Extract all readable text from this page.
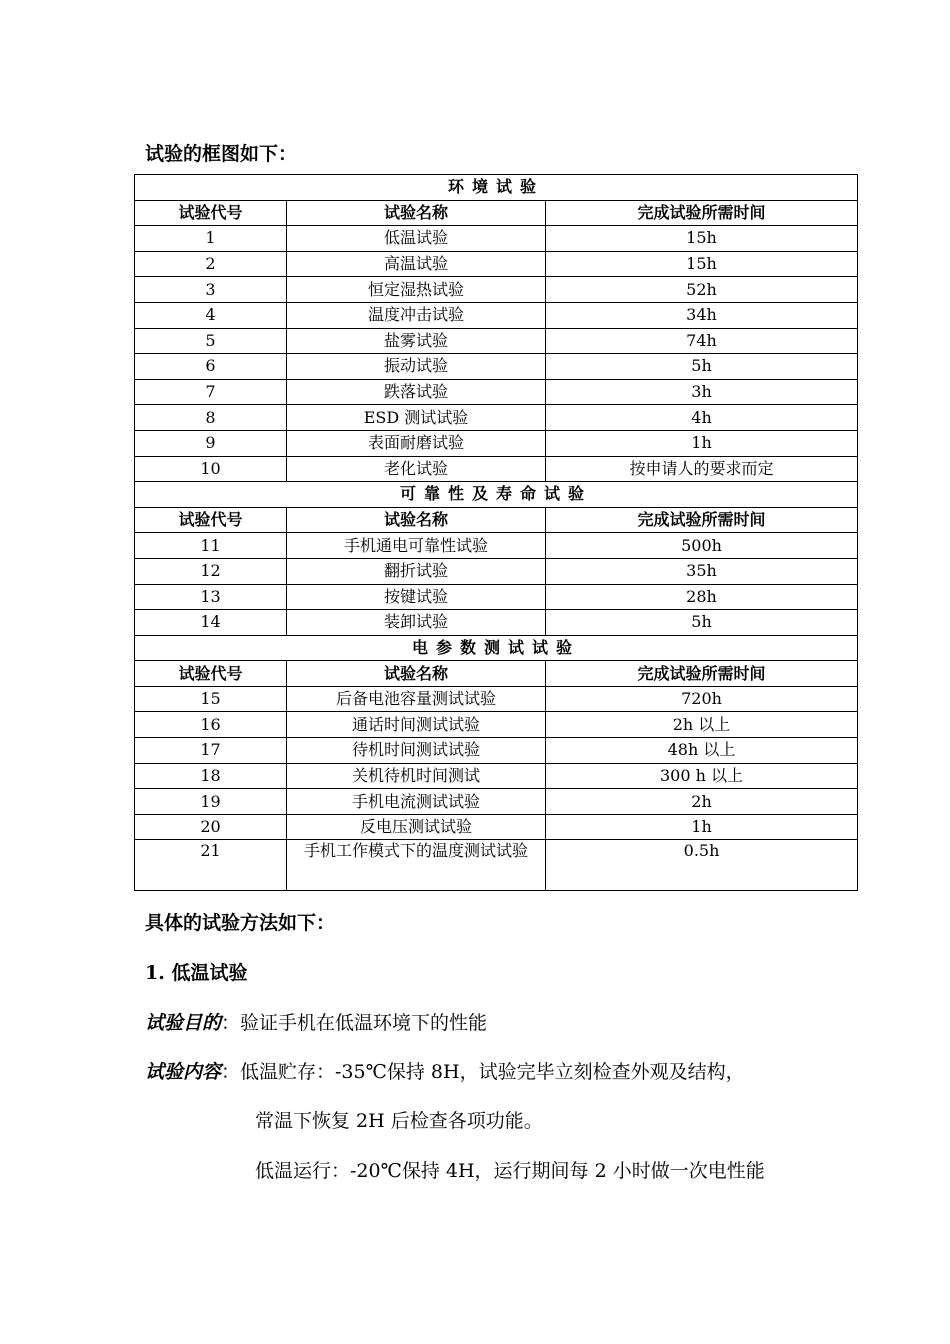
试验的框图如下：
环境试验		
试验代号	试验名称	完成试验所需时间
1	低温试验	15h
2	高温试验	15h
3	恒定湿热试验	52h
4	温度冲击试验	34h
5	盐雾试验	74h
6	振动试验	5h
7	跌落试验	3h
8	ESD 测试试验	4h
9	表面耐磨试验	1h
10	老化试验	按申请人的要求而定
可靠性及寿命试验		
试验代号	试验名称	完成试验所需时间
11	手机通电可靠性试验	500h
12	翻折试验	35h
13	按键试验	28h
14	装卸试验	5h
电参数测试试验		
试验代号	试验名称	完成试验所需时间
15	后备电池容量测试试验	720h
16	通话时间测试试验	2h 以上
17	待机时间测试试验	48h 以上
18	关机待机时间测试	300 h 以上
19	手机电流测试试验	2h
20	反电压测试试验	1h
21	手机工作模式下的温度测试试验	0.5h
具体的试验方法如下：
1. 低温试验
试验目的：验证手机在低温环境下的性能
试验内容：低温贮存：-35℃保持 8H，试验完毕立刻检查外观及结构，
常温下恢复 2H 后检查各项功能。
低温运行：-20℃保持 4H，运行期间每 2 小时做一次电性能
